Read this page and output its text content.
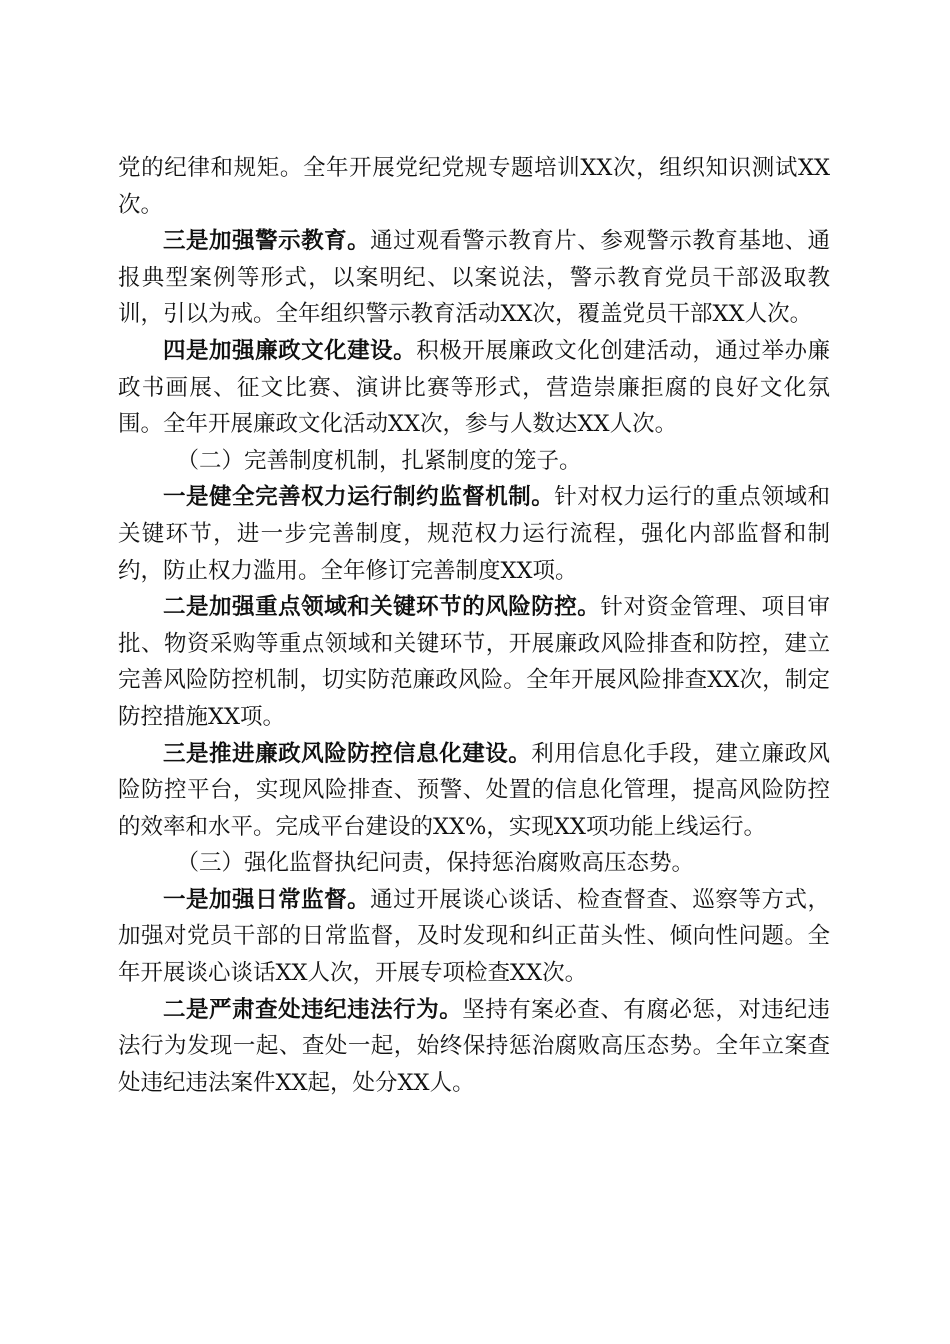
党的纪律和规矩。全年开展党纪党规专题培训XX次，组织知识测试XX次。

三是加强警示教育。通过观看警示教育片、参观警示教育基地、通报典型案例等形式，以案明纪、以案说法，警示教育党员干部汲取教训，引以为戒。全年组织警示教育活动XX次，覆盖党员干部XX人次。

四是加强廉政文化建设。积极开展廉政文化创建活动，通过举办廉政书画展、征文比赛、演讲比赛等形式，营造崇廉拒腐的良好文化氛围。全年开展廉政文化活动XX次，参与人数达XX人次。

（二）完善制度机制，扎紧制度的笼子。

一是健全完善权力运行制约监督机制。针对权力运行的重点领域和关键环节，进一步完善制度，规范权力运行流程，强化内部监督和制约，防止权力滥用。全年修订完善制度XX项。

二是加强重点领域和关键环节的风险防控。针对资金管理、项目审批、物资采购等重点领域和关键环节，开展廉政风险排查和防控，建立完善风险防控机制，切实防范廉政风险。全年开展风险排查XX次，制定防控措施XX项。

三是推进廉政风险防控信息化建设。利用信息化手段，建立廉政风险防控平台，实现风险排查、预警、处置的信息化管理，提高风险防控的效率和水平。完成平台建设的XX%，实现XX项功能上线运行。

（三）强化监督执纪问责，保持惩治腐败高压态势。

一是加强日常监督。通过开展谈心谈话、检查督查、巡察等方式，加强对党员干部的日常监督，及时发现和纠正苗头性、倾向性问题。全年开展谈心谈话XX人次，开展专项检查XX次。

二是严肃查处违纪违法行为。坚持有案必查、有腐必惩，对违纪违法行为发现一起、查处一起，始终保持惩治腐败高压态势。全年立案查处违纪违法案件XX起，处分XX人。
